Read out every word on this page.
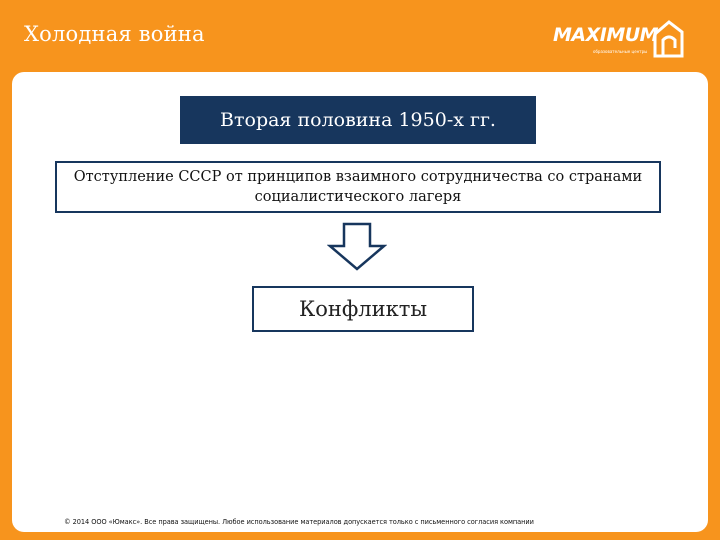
Холодная война	MAXIMUM
образовательные центры
Вторая половина 1950-х гг.
Отступление СССР от принципов взаимного сотрудничества со странами социалистического лагеря
Конфликты
© 2014 ООО «Юмакс». Все права защищены. Любое использование материалов допускается только с письменного согласия компании
